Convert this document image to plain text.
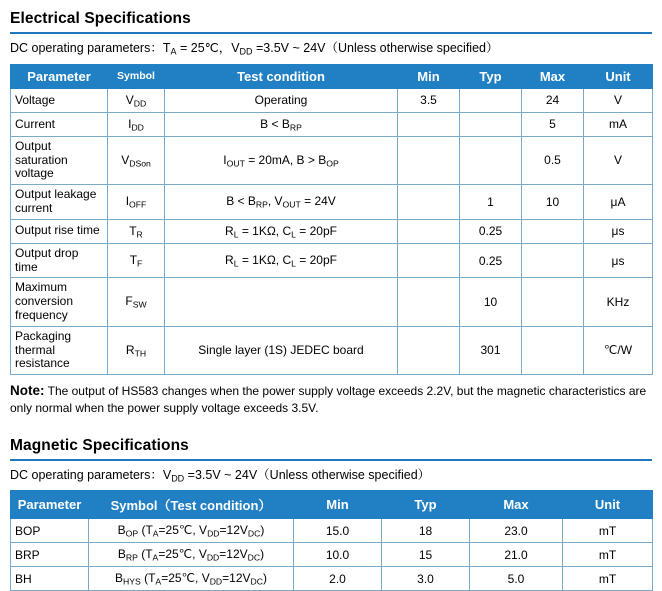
Electrical Specifications
DC operating parameters：$T_A$ = 25℃，$V_{DD} =3.5V$ ~ 24V（Unless otherwise specified）
Parameter	Symbol	Test condition	Min	Typ	Max	Unit
Voltage	$V_{DD}$	Operating	3.5		24	V
Current	$I_{DD}$	$B < B_{RP}$			5	mA
Output saturation voltage	$V_{DSon}$	$I_{OUT} = 20mA$, $B > B_{OP}$			0.5	V
Output leakage current	$I_{OFF}$	$B < B_{RP}$, $V_{OUT} = 24V$		1	10	μA
Output rise time	$T_R$	$R_L = 1K\Omega$, $C_L = 20pF$		0.25		μs
Output drop time	$T_F$	$R_L = 1K\Omega$, $C_L = 20pF$		0.25		μs
Maximum conversion frequency	$F_{SW}$			10		KHz
Packaging thermal resistance	$R_{TH}$	Single layer (1S) JEDEC board		301		℃/W

Note: The output of HS583 changes when the power supply voltage exceeds 2.2V, but the magnetic characteristics are only normal when the power supply voltage exceeds 3.5V.

Magnetic Specifications
DC operating parameters：$V_{DD} =3.5V$ ~ 24V（Unless otherwise specified）
Parameter	Symbol（Test condition）	Min	Typ	Max	Unit
BOP	$B_{OP}$ ($T_A=25℃$, $V_{DD}=12V_{DC}$)	15.0	18	23.0	mT
BRP	$B_{RP}$ ($T_A=25℃$, $V_{DD}=12V_{DC}$)	10.0	15	21.0	mT
BH	$B_{HYS}$ ($T_A=25℃$, $V_{DD}=12V_{DC}$)	2.0	3.0	5.0	mT
